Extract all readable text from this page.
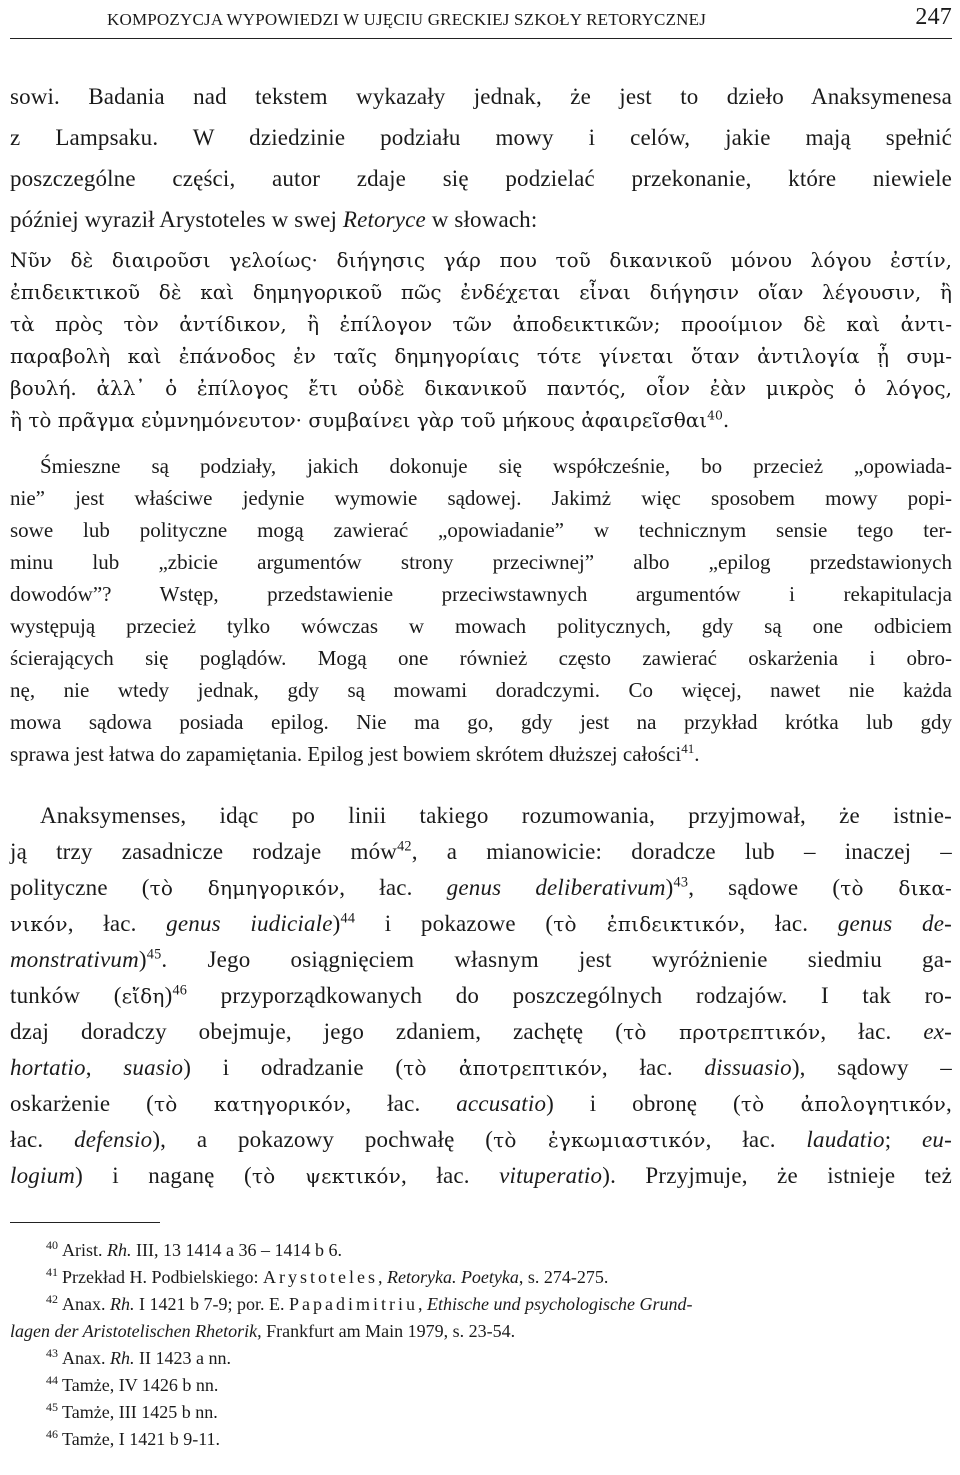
KOMPOZYCJA WYPOWIEDZI W UJĘCIU GRECKIEJ SZKOŁY RETORYCZNEJ	247
sowi. Badania nad tekstem wykazały jednak, że jest to dzieło Anaksymenesa
z Lampsaku. W dziedzinie podziału mowy i celów, jakie mają spełnić
poszczególne części, autor zdaje się podzielać przekonanie, które niewiele
później wyraził Arystoteles w swej Retoryce w słowach:
Νῦν δὲ διαιροῦσι γελοίως· διήγησις γάρ που τοῦ δικανικοῦ μόνου λόγου ἐστίν,
ἐπιδεικτικοῦ δὲ καὶ δημηγορικοῦ πῶς ἐνδέχεται εἶναι διήγησιν οἵαν λέγουσιν, ἢ
τὰ πρὸς τὸν ἀντίδικον, ἢ ἐπίλογον τῶν ἀποδεικτικῶν; προοίμιον δὲ καὶ ἀντι-
παραβολὴ καὶ ἐπάνοδος ἐν ταῖς δημηγορίαις τότε γίνεται ὅταν ἀντιλογία ᾖ συμ-
βουλή. ἀλλ᾽ ὁ ἐπίλογος ἔτι οὐδὲ δικανικοῦ παντός, οἷον ἐὰν μικρὸς ὁ λόγος,
ἢ τὸ πρᾶγμα εὐμνημόνευτον· συμβαίνει γὰρ τοῦ μήκους ἀφαιρεῖσθαι$^{40}$.
Śmieszne są podziały, jakich dokonuje się współcześnie, bo przecież „opowiada-
nie” jest właściwe jedynie wymowie sądowej. Jakimż więc sposobem mowy popi-
sowe lub polityczne mogą zawierać „opowiadanie” w technicznym sensie tego ter-
minu lub „zbicie argumentów strony przeciwnej” albo „epilog przedstawionych
dowodów”? Wstęp, przedstawienie przeciwstawnych argumentów i rekapitulacja
występują przecież tylko wówczas w mowach politycznych, gdy są one odbiciem
ścierających się poglądów. Mogą one również często zawierać oskarżenia i obro-
nę, nie wtedy jednak, gdy są mowami doradczymi. Co więcej, nawet nie każda
mowa sądowa posiada epilog. Nie ma go, gdy jest na przykład krótka lub gdy
sprawa jest łatwa do zapamiętania. Epilog jest bowiem skrótem dłuższej całości$^{41}$.
Anaksymenses, idąc po linii takiego rozumowania, przyjmował, że istnie-
ją trzy zasadnicze rodzaje mów$^{42}$, a mianowicie: doradcze lub – inaczej –
polityczne (τὸ δημηγορικόν, łac. genus deliberativum)$^{43}$, sądowe (τὸ δικα-
νικόν, łac. genus iudiciale)$^{44}$ i pokazowe (τὸ ἐπιδεικτικόν, łac. genus de-
monstrativum)$^{45}$. Jego osiągnięciem własnym jest wyróżnienie siedmiu ga-
tunków (εἴδη)$^{46}$ przyporządkowanych do poszczególnych rodzajów. I tak ro-
dzaj doradczy obejmuje, jego zdaniem, zachętę (τὸ προτρεπτικόν, łac. ex-
hortatio, suasio) i odradzanie (τὸ ἀποτρεπτικόν, łac. dissuasio), sądowy –
oskarżenie (τὸ κατηγορικόν, łac. accusatio) i obronę (τὸ ἀπολογητικόν,
łac. defensio), a pokazowy pochwałę (τὸ ἐγκωμιαστικόν, łac. laudatio; eu-
logium) i naganę (τὸ ψεκτικόν, łac. vituperatio). Przyjmuje, że istnieje też
$^{40}$ Arist. Rh. III, 13 1414 a 36 – 1414 b 6.
$^{41}$ Przekład H. Podbielskiego: Arystoteles, Retoryka. Poetyka, s. 274-275.
$^{42}$ Anax. Rh. I 1421 b 7-9; por. E. Papadimitriu, Ethische und psychologische Grund-
lagen der Aristotelischen Rhetorik, Frankfurt am Main 1979, s. 23-54.
$^{43}$ Anax. Rh. II 1423 a nn.
$^{44}$ Tamże, IV 1426 b nn.
$^{45}$ Tamże, III 1425 b nn.
$^{46}$ Tamże, I 1421 b 9-11.
